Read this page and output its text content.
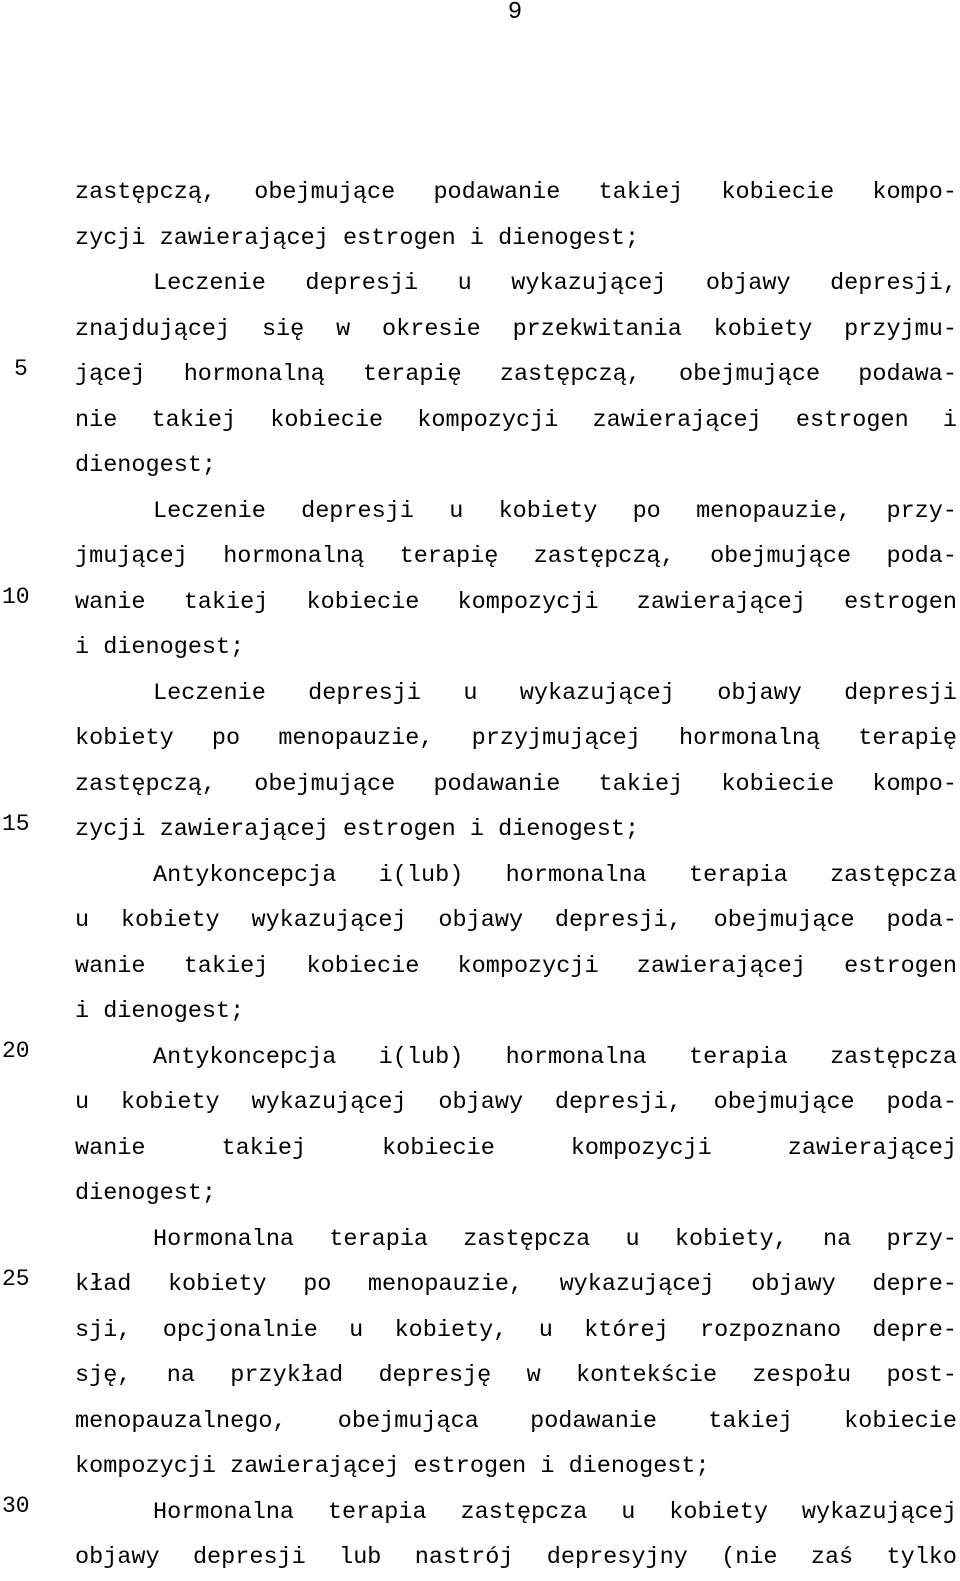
9
5
10
15
20
25
30
zastępczą, obejmujące podawanie takiej kobiecie kompo-
zycji zawierającej estrogen i dienogest;
Leczenie depresji u wykazującej objawy depresji,
znajdującej się w okresie przekwitania kobiety przyjmu-
jącej hormonalną terapię zastępczą, obejmujące podawa-
nie takiej kobiecie kompozycji zawierającej estrogen i
dienogest;
Leczenie depresji u kobiety po menopauzie, przy-
jmującej hormonalną terapię zastępczą, obejmujące poda-
wanie takiej kobiecie kompozycji zawierającej estrogen
i dienogest;
Leczenie depresji u wykazującej objawy depresji
kobiety po menopauzie, przyjmującej hormonalną terapię
zastępczą, obejmujące podawanie takiej kobiecie kompo-
zycji zawierającej estrogen i dienogest;
Antykoncepcja i(lub) hormonalna terapia zastępcza
u kobiety wykazującej objawy depresji, obejmujące poda-
wanie takiej kobiecie kompozycji zawierającej estrogen
i dienogest;
Antykoncepcja i(lub) hormonalna terapia zastępcza
u kobiety wykazującej objawy depresji, obejmujące poda-
wanie takiej kobiecie kompozycji zawierającej
dienogest;
Hormonalna terapia zastępcza u kobiety, na przy-
kład kobiety po menopauzie, wykazującej objawy depre-
sji, opcjonalnie u kobiety, u której rozpoznano depre-
sję, na przykład depresję w kontekście zespołu post-
menopauzalnego, obejmująca podawanie takiej kobiecie
kompozycji zawierającej estrogen i dienogest;
Hormonalna terapia zastępcza u kobiety wykazującej
objawy depresji lub nastrój depresyjny (nie zaś tylko
